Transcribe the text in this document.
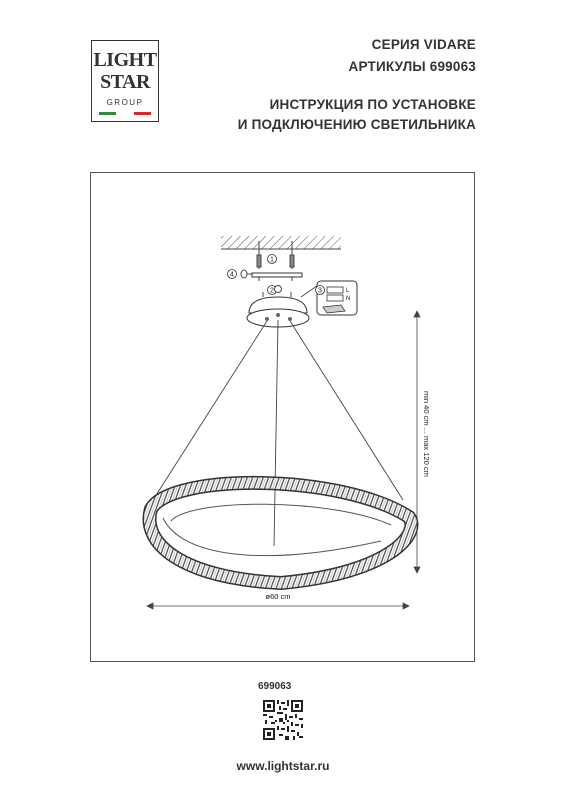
LIGHT
STAR
GROUP
СЕРИЯ VIDARE
АРТИКУЛЫ 699063
ИНСТРУКЦИЯ ПО УСТАНОВКЕ
И ПОДКЛЮЧЕНИЮ СВЕТИЛЬНИКА
1
2
4
3	L
N
min 40 cm ... max 120 cm
ø60 cm
699063
www.lightstar.ru
